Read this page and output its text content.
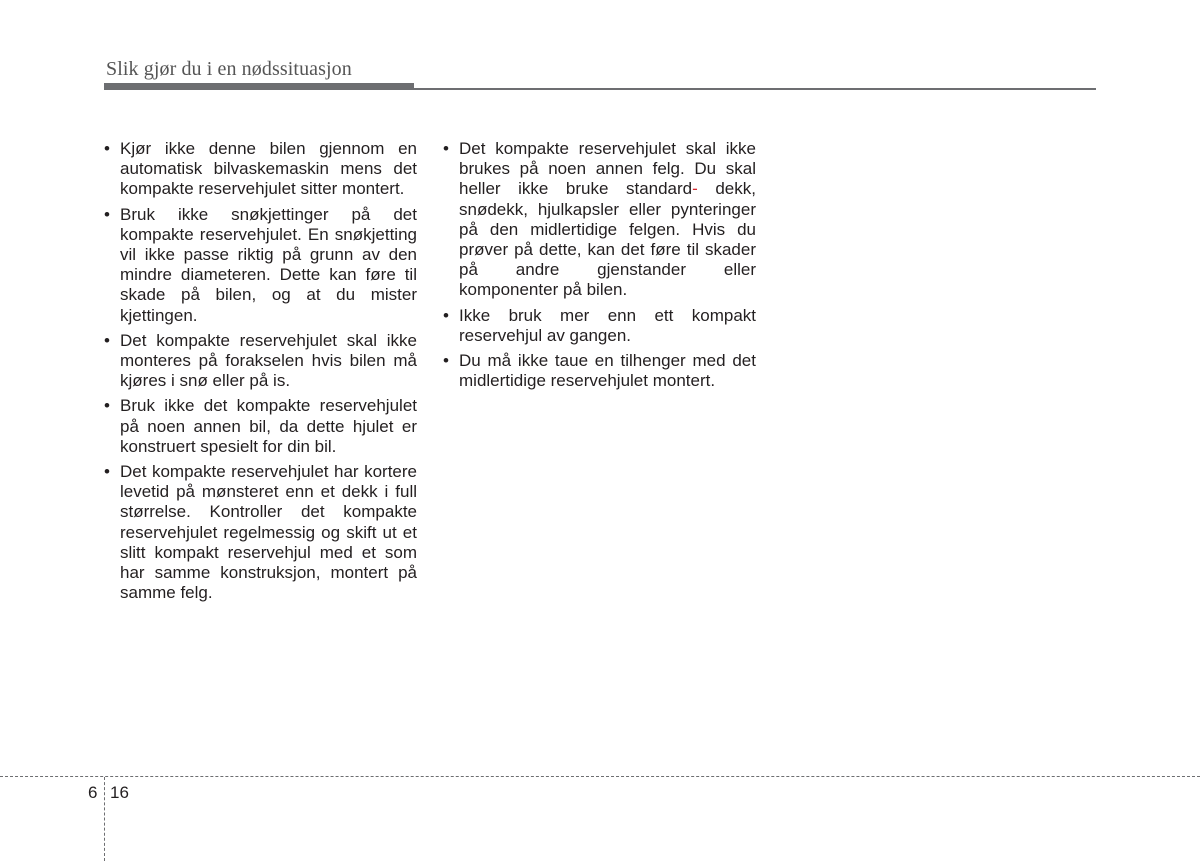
Slik gjør du i en nødssituasjon
• Kjør ikke denne bilen gjennom en automatisk bilvaskemaskin mens det kompakte reservehjulet sitter montert.
• Bruk ikke snøkjettinger på det kompakte reservehjulet. En snøkjetting vil ikke passe riktig på grunn av den mindre diameteren. Dette kan føre til skade på bilen, og at du mister kjettingen.
• Det kompakte reservehjulet skal ikke monteres på forakselen hvis bilen må kjøres i snø eller på is.
• Bruk ikke det kompakte reservehjulet på noen annen bil, da dette hjulet er konstruert spesielt for din bil.
• Det kompakte reservehjulet har kortere levetid på mønsteret enn et dekk i full størrelse. Kontroller det kompakte reservehjulet regelmessig og skift ut et slitt kompakt reservehjul med et som har samme konstruksjon, montert på samme felg.
• Det kompakte reservehjulet skal ikke brukes på noen annen felg. Du skal heller ikke bruke standard- dekk, snødekk, hjulkapsler eller pynteringer på den midlertidige felgen. Hvis du prøver på dette, kan det føre til skader på andre gjenstander eller komponenter på bilen.
• Ikke bruk mer enn ett kompakt reservehjul av gangen.
• Du må ikke taue en tilhenger med det midlertidige reservehjulet montert.
6 16
